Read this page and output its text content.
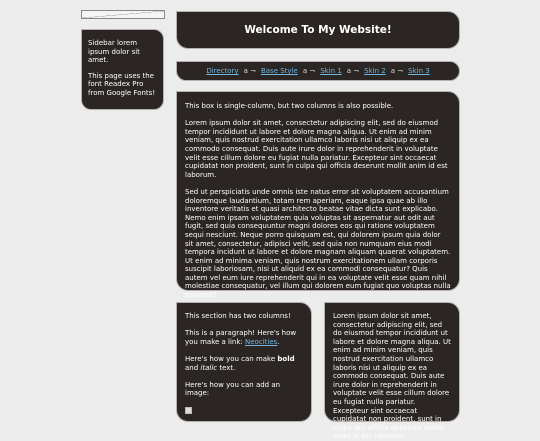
Sidebar lorem ipsum dolor sit amet.

This page uses the font Readex Pro from Google Fonts!

Welcome To My Website!
Directory a ¬ Base Style a ¬ Skin 1 a ¬ Skin 2 a ¬ Skin 3

This box is single-column, but two columns is also possible.

Lorem ipsum dolor sit amet, consectetur adipiscing elit, sed do eiusmod tempor incididunt ut labore et dolore magna aliqua. Ut enim ad minim veniam, quis nostrud exercitation ullamco laboris nisi ut aliquip ex ea commodo consequat. Duis aute irure dolor in reprehenderit in voluptate velit esse cillum dolore eu fugiat nulla pariatur. Excepteur sint occaecat cupidatat non proident, sunt in culpa qui officia deserunt mollit anim id est laborum.

Sed ut perspiciatis unde omnis iste natus error sit voluptatem accusantium doloremque laudantium, totam rem aperiam, eaque ipsa quae ab illo inventore veritatis et quasi architecto beatae vitae dicta sunt explicabo. Nemo enim ipsam voluptatem quia voluptas sit aspernatur aut odit aut fugit, sed quia consequuntur magni dolores eos qui ratione voluptatem sequi nesciunt. Neque porro quisquam est, qui dolorem ipsum quia dolor sit amet, consectetur, adipisci velit, sed quia non numquam eius modi tempora incidunt ut labore et dolore magnam aliquam quaerat voluptatem. Ut enim ad minima veniam, quis nostrum exercitationem ullam corporis suscipit laboriosam, nisi ut aliquid ex ea commodi consequatur? Quis autem vel eum iure reprehenderit qui in ea voluptate velit esse quam nihil molestiae consequatur, vel illum qui dolorem eum fugiat quo voluptas nulla pariatur?

This section has two columns!

This is a paragraph! Here's how you make a link: Neocities.

Here's how you can make bold and italic text.

Here's how you can add an image:

Lorem ipsum dolor sit amet, consectetur adipiscing elit, sed do eiusmod tempor incididunt ut labore et dolore magna aliqua. Ut enim ad minim veniam, quis nostrud exercitation ullamco laboris nisi ut aliquip ex ea commodo consequat. Duis aute irure dolor in reprehenderit in voluptate velit esse cillum dolore eu fugiat nulla pariatur. Excepteur sint occaecat cupidatat non proident, sunt in culpa qui officia deserunt mollit anim id est laborum.
